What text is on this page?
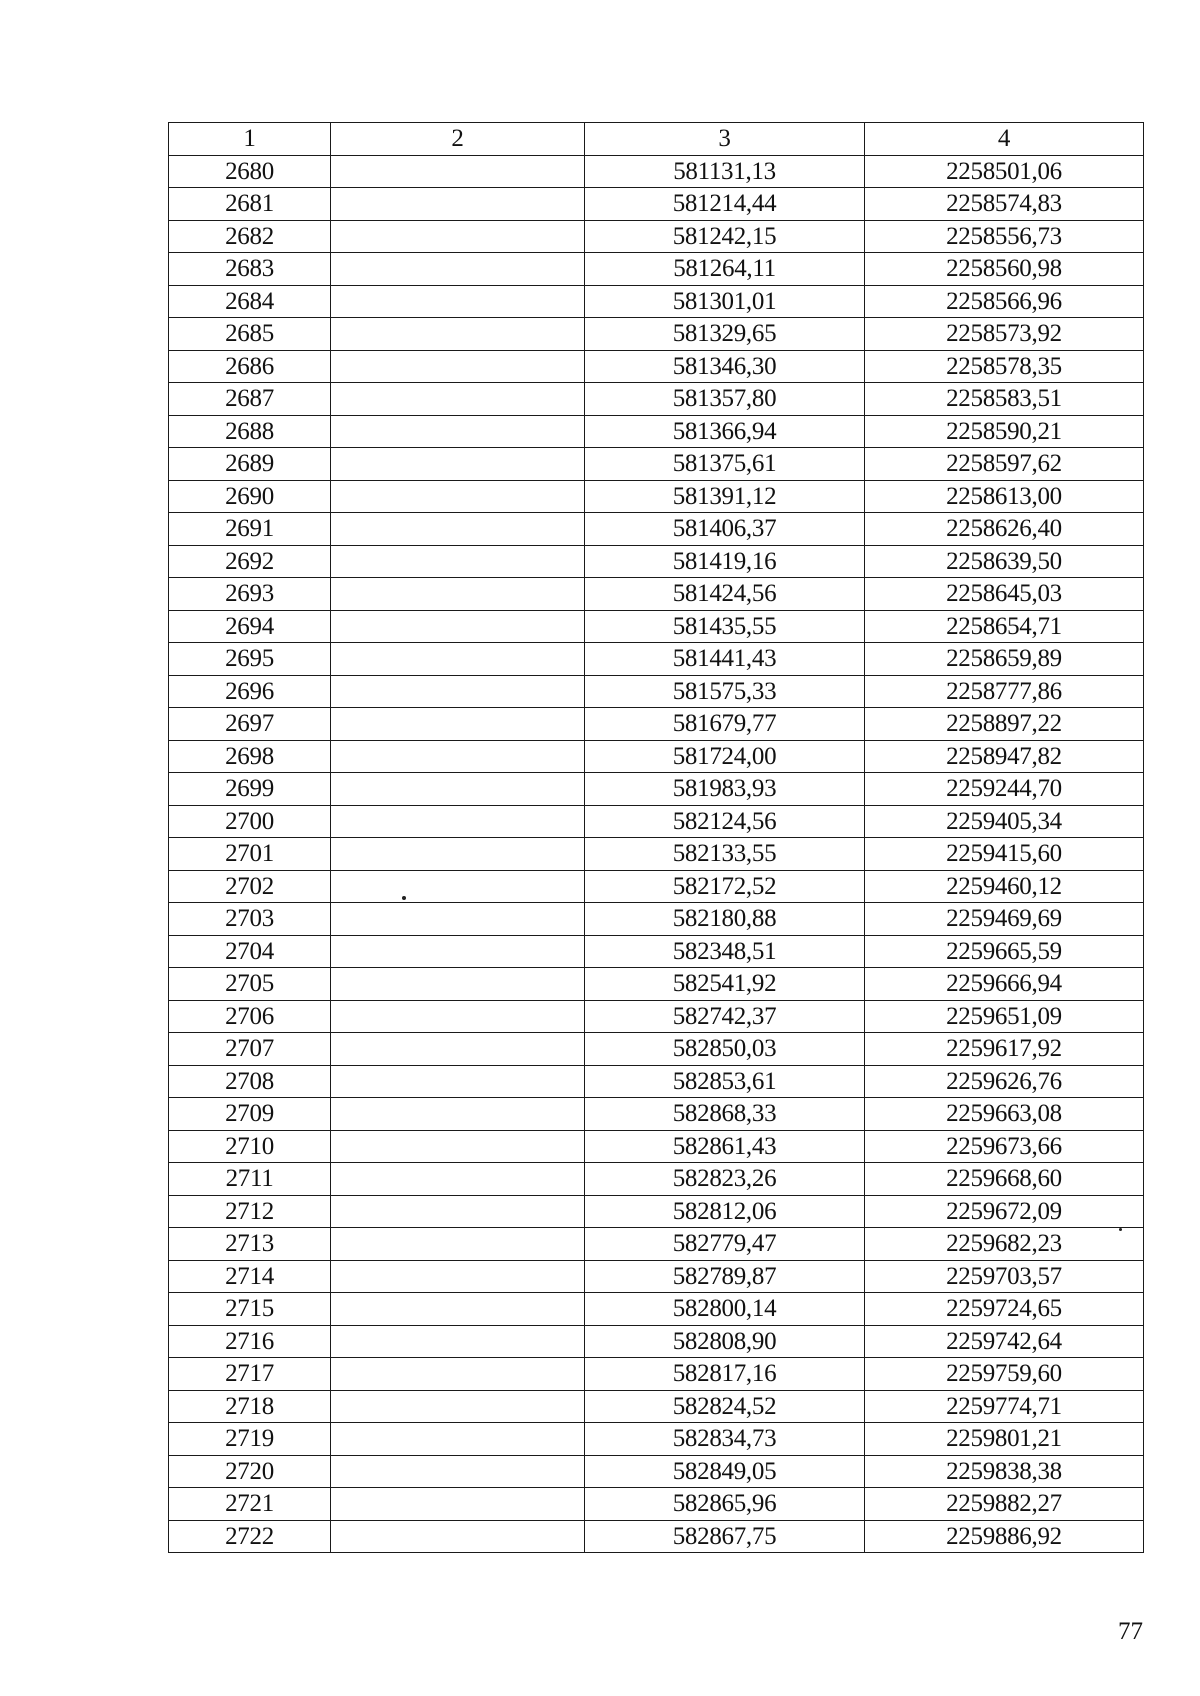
1	2	3	4
2680		581131,13	2258501,06
2681		581214,44	2258574,83
2682		581242,15	2258556,73
2683		581264,11	2258560,98
2684		581301,01	2258566,96
2685		581329,65	2258573,92
2686		581346,30	2258578,35
2687		581357,80	2258583,51
2688		581366,94	2258590,21
2689		581375,61	2258597,62
2690		581391,12	2258613,00
2691		581406,37	2258626,40
2692		581419,16	2258639,50
2693		581424,56	2258645,03
2694		581435,55	2258654,71
2695		581441,43	2258659,89
2696		581575,33	2258777,86
2697		581679,77	2258897,22
2698		581724,00	2258947,82
2699		581983,93	2259244,70
2700		582124,56	2259405,34
2701		582133,55	2259415,60
2702		582172,52	2259460,12
2703		582180,88	2259469,69
2704		582348,51	2259665,59
2705		582541,92	2259666,94
2706		582742,37	2259651,09
2707		582850,03	2259617,92
2708		582853,61	2259626,76
2709		582868,33	2259663,08
2710		582861,43	2259673,66
2711		582823,26	2259668,60
2712		582812,06	2259672,09
2713		582779,47	2259682,23
2714		582789,87	2259703,57
2715		582800,14	2259724,65
2716		582808,90	2259742,64
2717		582817,16	2259759,60
2718		582824,52	2259774,71
2719		582834,73	2259801,21
2720		582849,05	2259838,38
2721		582865,96	2259882,27
2722		582867,75	2259886,92
77
